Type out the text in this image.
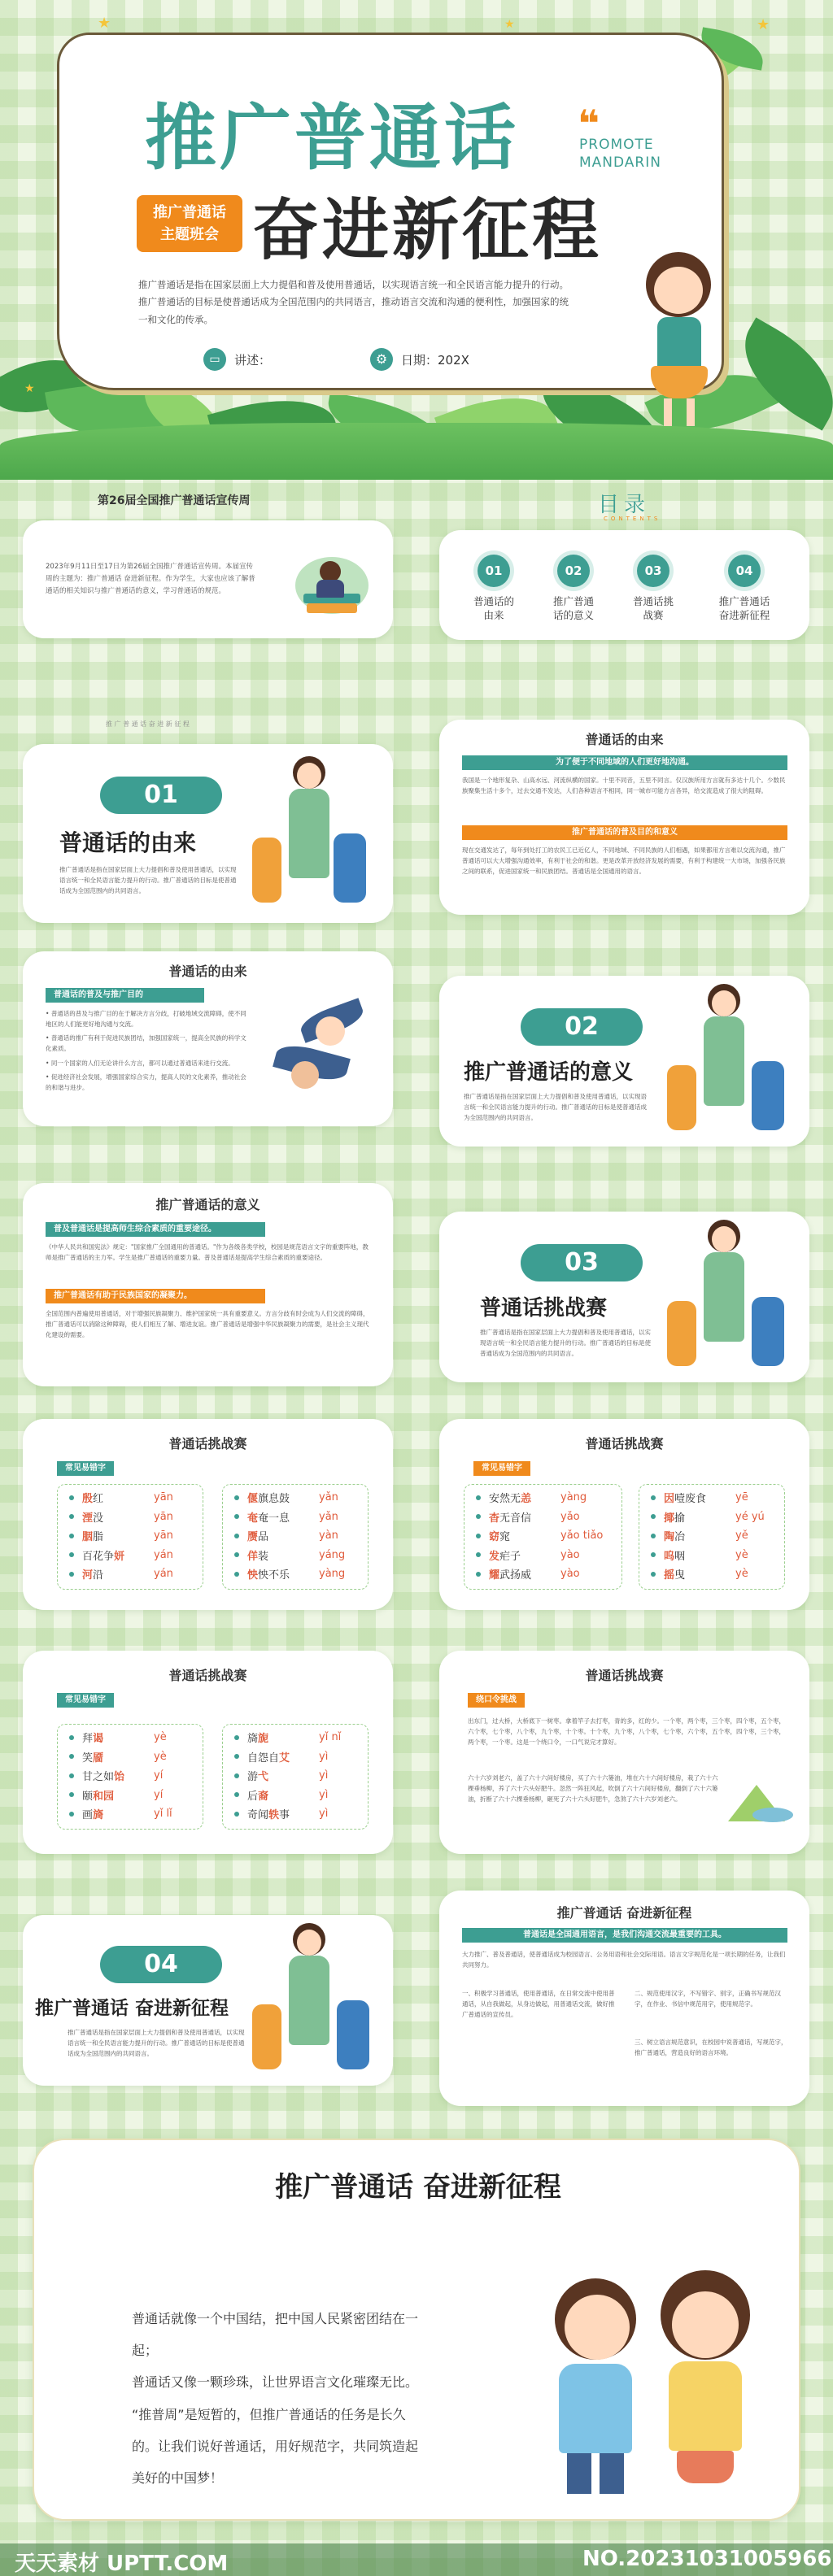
★	★	★
★
推广普通话 ❝
PROMOTE
MANDARIN
推广普通话
主题班会 奋进新征程
推广普通话是指在国家层面上大力提倡和普及使用普通话，以实现语言统一和全民语言能力提升的行动。推广普通话的目标是使普通话成为全国范围内的共同语言，推动语言交流和沟通的便利性，加强国家的统一和文化的传承。
▭	讲述：	⚙	日期：202X
第26届全国推广普通话宣传周
2023年9月11日至17日为第26届全国推广普通话宣传周。本届宣传周的主题为：推广普通话 奋进新征程。作为学生，大家也应该了解普通话的相关知识与推广普通话的意义，学习普通话的规范。
目录
CONTENTS
01
普通话的
由来
02
推广普通
话的意义
03
普通话挑
战赛
04
推广普通话
奋进新征程
推 广 普 通 话 奋 进 新 征 程
01
普通话的由来
推广普通话是指在国家层面上大力提倡和普及使用普通话，以实现语言统一和全民语言能力提升的行动。推广普通话的目标是使普通话成为全国范围内的共同语言。
普通话的由来
为了便于不同地域的人们更好地沟通。
我国是一个地形复杂、山高水远、河流纵横的国家。十里不同音，五里不同言。仅汉族所用方言就有多达十几个。少数民族聚集生活十多个，过去交通不发达，人们各种语言不相同，同一城市可能方言各异，给交流造成了很大的阻碍。
推广普通话的普及目的和意义
现在交通发达了，每年到处打工的农民工已近亿人，不同地域、不同民族的人们相遇，如果都用方言难以交流沟通，推广普通话可以大大增强沟通效率，有利于社会的和谐。更是改革开放经济发展的需要，有利于构建统一大市场，加强各民族之间的联系，促进国家统一和民族团结。普通话是全国通用的语言。
普通话的由来
普通话的普及与推广目的
• 普通话的普及与推广目的在于解决方言分歧，打破地域交流障碍，使不同地区的人们能更好地沟通与交流。
• 普通话的推广有利于促进民族团结，加强国家统一，提高全民族的科学文化素质。
• 同一个国家的人们无论讲什么方言，都可以通过普通话来进行交流。
• 促进经济社会发展，增强国家综合实力，提高人民的文化素养，推动社会的和谐与进步。
02
推广普通话的意义
推广普通话是指在国家层面上大力提倡和普及使用普通话，以实现语言统一和全民语言能力提升的行动。推广普通话的目标是使普通话成为全国范围内的共同语言。
推广普通话的意义
普及普通话是提高师生综合素质的重要途径。
《中华人民共和国宪法》规定："国家推广全国通用的普通话。"作为各级各类学校，校园是规范语言文字的重要阵地，教师是推广普通话的主力军。学生是推广普通话的重要力量。普及普通话是提高学生综合素质的重要途径。
推广普通话有助于民族国家的凝聚力。
全国范围内普遍使用普通话，对于增强民族凝聚力、维护国家统一具有重要意义。方言分歧有时会成为人们交流的障碍，推广普通话可以消除这种障碍，使人们相互了解、增进友谊。推广普通话是增强中华民族凝聚力的需要，是社会主义现代化建设的需要。
03
普通话挑战赛
推广普通话是指在国家层面上大力提倡和普及使用普通话，以实现语言统一和全民语言能力提升的行动。推广普通话的目标是使普通话成为全国范围内的共同语言。
普通话挑战赛
常见易错字
殷红	yān
湮没	yān
胭脂	yān
百花争妍	yán
河沿	yán
偃旗息鼓	yǎn
奄奄一息	yǎn
赝品	yàn
佯装	yáng
怏怏不乐	yàng
普通话挑战赛
常见易错字
安然无恙	yàng
杳无音信	yǎo
窈窕	yǎo tiǎo
发疟子	yào
耀武扬威	yào
因噎废食	yē
揶揄	yé yú
陶冶	yě
呜咽	yè
摇曳	yè
普通话挑战赛
常见易错字
拜谒	yè
笑靥	yè
甘之如饴	yí
颐和园	yí
画旖	yǐ lǐ
旖旎	yǐ nǐ
自怨自艾	yì
游弋	yì
后裔	yì
奇闻轶事	yì
普通话挑战赛
绕口令挑战
出东门，过大桥，大桥底下一树枣。拿着竿子去打枣，青的多，红的少。一个枣，两个枣，三个枣，四个枣，五个枣，六个枣，七个枣，八个枣，九个枣，十个枣。十个枣，九个枣，八个枣，七个枣，六个枣，五个枣，四个枣，三个枣，两个枣，一个枣。这是一个绕口令，一口气说完才算好。
六十六岁刘老六，盖了六十六间好楼房，买了六十六篓油，堆在六十六间好楼房，栽了六十六棵垂杨柳，养了六十六头好肥牛。忽然一阵狂风起，吹倒了六十六间好楼房，翻倒了六十六篓油，折断了六十六棵垂杨柳，砸死了六十六头好肥牛，急煞了六十六岁刘老六。
04
推广普通话 奋进新征程
推广普通话是指在国家层面上大力提倡和普及使用普通话，以实现语言统一和全民语言能力提升的行动。推广普通话的目标是使普通话成为全国范围内的共同语言。
推广普通话 奋进新征程
普通话是全国通用语言，是我们沟通交流最重要的工具。
大力推广、普及普通话，使普通话成为校园语言、公务用语和社会交际用语。语言文字规范化是一项长期的任务，让我们共同努力。
一、积极学习普通话，使用普通话，在日常交流中使用普通话，从自我做起，从身边做起，用普通话交流，做好推广普通话的宣传员。
二、规范使用汉字，不写错字、别字，正确书写规范汉字，在作业、书信中规范用字，使用规范字。
三、树立语言规范意识，在校园中说普通话，写规范字，推广普通话，营造良好的语言环境。
推广普通话 奋进新征程
普通话就像一个中国结，把中国人民紧密团结在一
起；
普通话又像一颗珍珠，让世界语言文化璀璨无比。
“推普周”是短暂的，但推广普通话的任务是长久
的。让我们说好普通话，用好规范字，共同筑造起
美好的中国梦！
天天素材 UPTT.COM	NO.20231031005966
